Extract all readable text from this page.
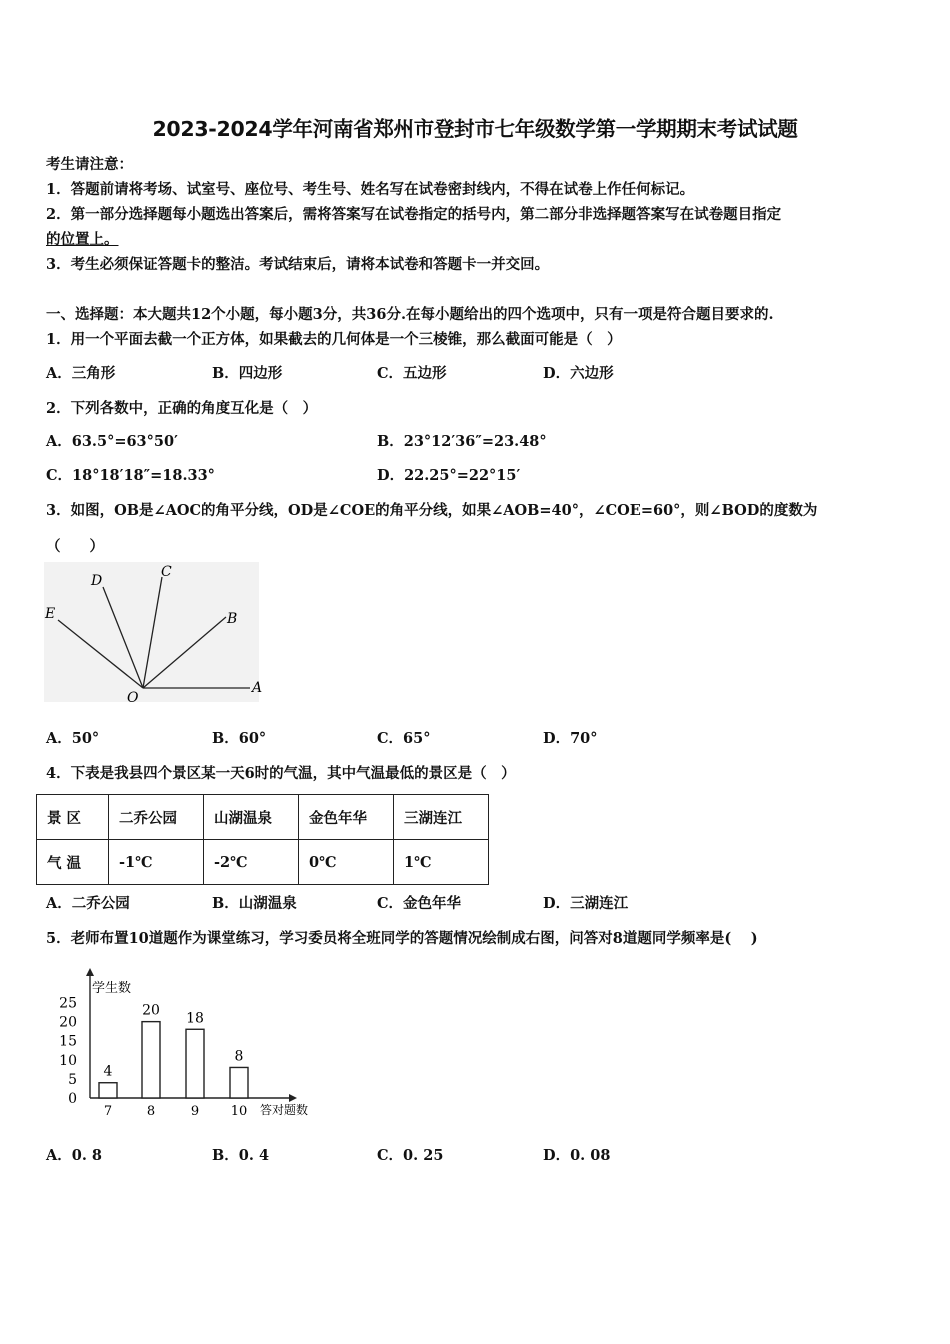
2023-2024学年河南省郑州市登封市七年级数学第一学期期末考试试题
考生请注意：
1．答题前请将考场、试室号、座位号、考生号、姓名写在试卷密封线内，不得在试卷上作任何标记。
2．第一部分选择题每小题选出答案后，需将答案写在试卷指定的括号内，第二部分非选择题答案写在试卷题目指定
的位置上。
3．考生必须保证答题卡的整洁。考试结束后，请将本试卷和答题卡一并交回。
一、选择题：本大题共12个小题，每小题3分，共36分.在每小题给出的四个选项中，只有一项是符合题目要求的.
1．用一个平面去截一个正方体，如果截去的几何体是一个三棱锥，那么截面可能是（　）
A．三角形	B．四边形	C．五边形	D．六边形
2．下列各数中，正确的角度互化是（　）
A．63.5°=63°50′	B．23°12′36″=23.48°
C．18°18′18″=18.33°	D．22.25°=22°15′
3．如图，OB是∠AOC的角平分线，OD是∠COE的角平分线，如果∠AOB=40°，∠COE=60°，则∠BOD的度数为
（　　）
E
D
C
B
A
O
A．50°	B．60°	C．65°	D．70°
4．下表是我县四个景区某一天6时的气温，其中气温最低的景区是（　）
景 区	二乔公园	山湖温泉	金色年华	三湖连江
气 温	-1℃	-2℃	0℃	1℃
A．二乔公园	B．山湖温泉	C．金色年华	D．三湖连江
5．老师布置10道题作为课堂练习，学习委员将全班同学的答题情况绘制成右图，问答对8道题同学频率是(　 )
学生数
答对题数
0
5
10
15
20
25
4
7
20
8
18
9
8
10
A．0. 8	B．0. 4	C．0. 25	D．0. 08
